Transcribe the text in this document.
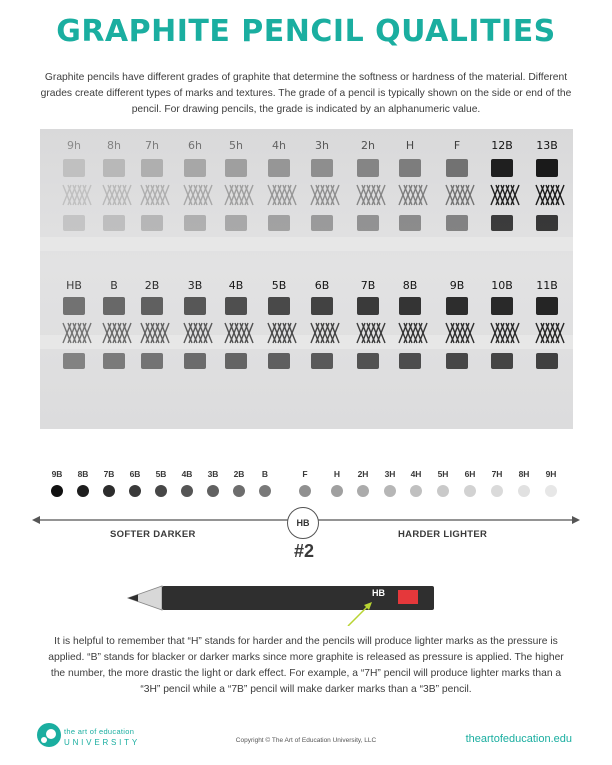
GRAPHITE PENCIL QUALITIES

Graphite pencils have different grades of graphite that determine the softness or hardness of the material. Different grades create different types of marks and textures. The grade of a pencil is typically shown on the side or end of the pencil. For drawing pencils, the grade is indicated by an alphanumeric value.

9h 8h 7h	6h 5h	4h	3h	2h	H	F	12B 13B
HB	B 2B	3B 4B	5B	6B	7B 8B	9B 10B 11B
9B	8B	7B	6B	5B	4B	3B	2B	B	F	H	2H	3H	4H	5H	6H	7H	8H	9H
SOFTER DARKER	HARDER LIGHTER
HB
#2
HB

It is helpful to remember that “H” stands for harder and the pencils will produce lighter marks as the pressure is applied. “B” stands for blacker or darker marks since more graphite is released as pressure is applied. The higher the number, the more drastic the light or dark effect. For example, a “7H” pencil will produce lighter marks than a “3H” pencil while a “7B” pencil will make darker marks than a “3B” pencil.

the art of education
UNIVERSITY	Copyright © The Art of Education University, LLC	theartofeducation.edu
